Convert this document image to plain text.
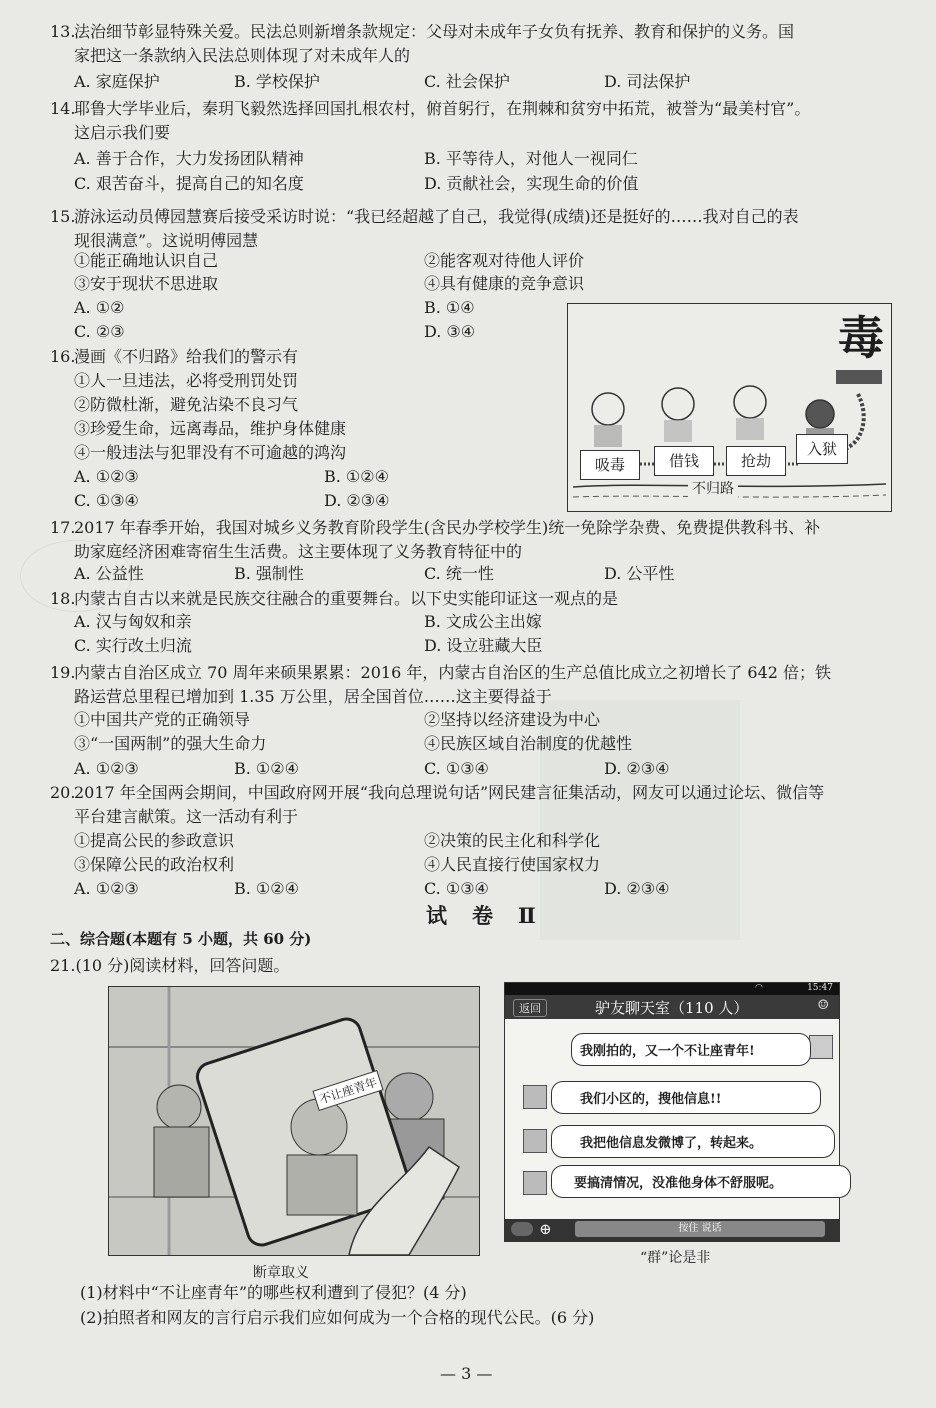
13.
法治细节彰显特殊关爱。民法总则新增条款规定：父母对未成年子女负有抚养、教育和保护的义务。国
家把这一条款纳入民法总则体现了对未成年人的
A. 家庭保护	B. 学校保护	C. 社会保护	D. 司法保护
14.
耶鲁大学毕业后，秦玥飞毅然选择回国扎根农村，俯首躬行，在荆棘和贫穷中拓荒，被誉为“最美村官”。
这启示我们要
A. 善于合作，大力发扬团队精神	B. 平等待人，对他人一视同仁
C. 艰苦奋斗，提高自己的知名度	D. 贡献社会，实现生命的价值
15.
游泳运动员傅园慧赛后接受采访时说：“我已经超越了自己，我觉得(成绩)还是挺好的……我对自己的表
现很满意”。这说明傅园慧
①能正确地认识自己	②能客观对待他人评价
③安于现状不思进取	④具有健康的竞争意识
A. ①②	B. ①④
C. ②③	D. ③④
16.
漫画《不归路》给我们的警示有
①人一旦违法，必将受刑罚处罚
②防微杜渐，避免沾染不良习气
③珍爱生命，远离毒品，维护身体健康
④一般违法与犯罪没有不可逾越的鸿沟
A. ①②③	B. ①②④
C. ①③④	D. ②③④
毒
吸毒	借钱	抢劫
入狱
不归路
17.
2017 年春季开始，我国对城乡义务教育阶段学生(含民办学校学生)统一免除学杂费、免费提供教科书、补
助家庭经济困难寄宿生生活费。这主要体现了义务教育特征中的
A. 公益性	B. 强制性	C. 统一性	D. 公平性
18.
内蒙古自古以来就是民族交往融合的重要舞台。以下史实能印证这一观点的是
A. 汉与匈奴和亲	B. 文成公主出嫁
C. 实行改土归流	D. 设立驻藏大臣
19.
内蒙古自治区成立 70 周年来硕果累累：2016 年，内蒙古自治区的生产总值比成立之初增长了 642 倍；铁
路运营总里程已增加到 1.35 万公里，居全国首位……这主要得益于
①中国共产党的正确领导	②坚持以经济建设为中心
③“一国两制”的强大生命力	④民族区域自治制度的优越性
A. ①②③	B. ①②④	C. ①③④	D. ②③④
20.
2017 年全国两会期间，中国政府网开展“我向总理说句话”网民建言征集活动，网友可以通过论坛、微信等
平台建言献策。这一活动有利于
①提高公民的参政意识	②决策的民主化和科学化
③保障公民的政治权利	④人民直接行使国家权力
A. ①②③	B. ①②④	C. ①③④	D. ②③④
试　卷　Ⅱ
二、综合题(本题有 5 小题，共 60 分)
21.(10 分)阅读材料，回答问题。
不让座青年
断章取义
◠	15:47
返回	驴友聊天室（110 人）	☺
我刚拍的，又一个不让座青年!
我们小区的，搜他信息!!
我把他信息发微博了，转起来。
要搞清情况，没准他身体不舒服呢。
⊕	按住 说话
“群”论是非
(1)材料中“不让座青年”的哪些权利遭到了侵犯？(4 分)
(2)拍照者和网友的言行启示我们应如何成为一个合格的现代公民。(6 分)
— 3 —
